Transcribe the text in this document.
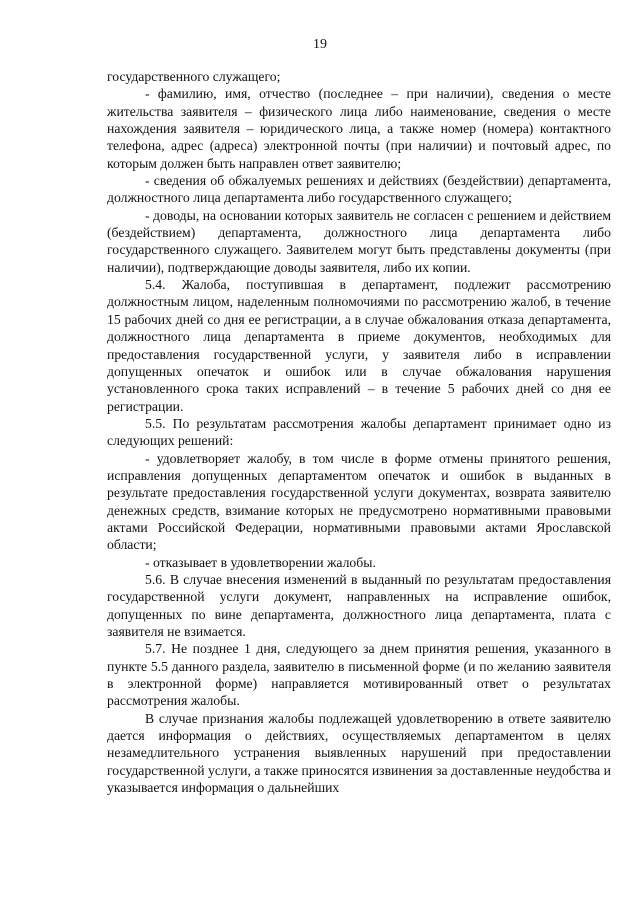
19

государственного служащего;

- фамилию, имя, отчество (последнее – при наличии), сведения о месте жительства заявителя – физического лица либо наименование, сведения о месте нахождения заявителя – юридического лица, а также номер (номера) контактного телефона, адрес (адреса) электронной почты (при наличии) и почтовый адрес, по которым должен быть направлен ответ заявителю;

- сведения об обжалуемых решениях и действиях (бездействии) департамента, должностного лица департамента либо государственного служащего;

- доводы, на основании которых заявитель не согласен с решением и действием (бездействием) департамента, должностного лица департамента либо государственного служащего. Заявителем могут быть представлены документы (при наличии), подтверждающие доводы заявителя, либо их копии.

5.4. Жалоба, поступившая в департамент, подлежит рассмотрению должностным лицом, наделенным полномочиями по рассмотрению жалоб, в течение 15 рабочих дней со дня ее регистрации, а в случае обжалования отказа департамента, должностного лица департамента в приеме документов, необходимых для предоставления государственной услуги, у заявителя либо в исправлении допущенных опечаток и ошибок или в случае обжалования нарушения установленного срока таких исправлений – в течение 5 рабочих дней со дня ее регистрации.

5.5. По результатам рассмотрения жалобы департамент принимает одно из следующих решений:

- удовлетворяет жалобу, в том числе в форме отмены принятого решения, исправления допущенных департаментом опечаток и ошибок в выданных в результате предоставления государственной услуги документах, возврата заявителю денежных средств, взимание которых не предусмотрено нормативными правовыми актами Российской Федерации, нормативными правовыми актами Ярославской области;

- отказывает в удовлетворении жалобы.

5.6. В случае внесения изменений в выданный по результатам предоставления государственной услуги документ, направленных на исправление ошибок, допущенных по вине департамента, должностного лица департамента, плата с заявителя не взимается.

5.7. Не позднее 1 дня, следующего за днем принятия решения, указанного в пункте 5.5 данного раздела, заявителю в письменной форме (и по желанию заявителя в электронной форме) направляется мотивированный ответ о результатах рассмотрения жалобы.

В случае признания жалобы подлежащей удовлетворению в ответе заявителю дается информация о действиях, осуществляемых департаментом в целях незамедлительного устранения выявленных нарушений при предоставлении государственной услуги, а также приносятся извинения за доставленные неудобства и указывается информация о дальнейших
